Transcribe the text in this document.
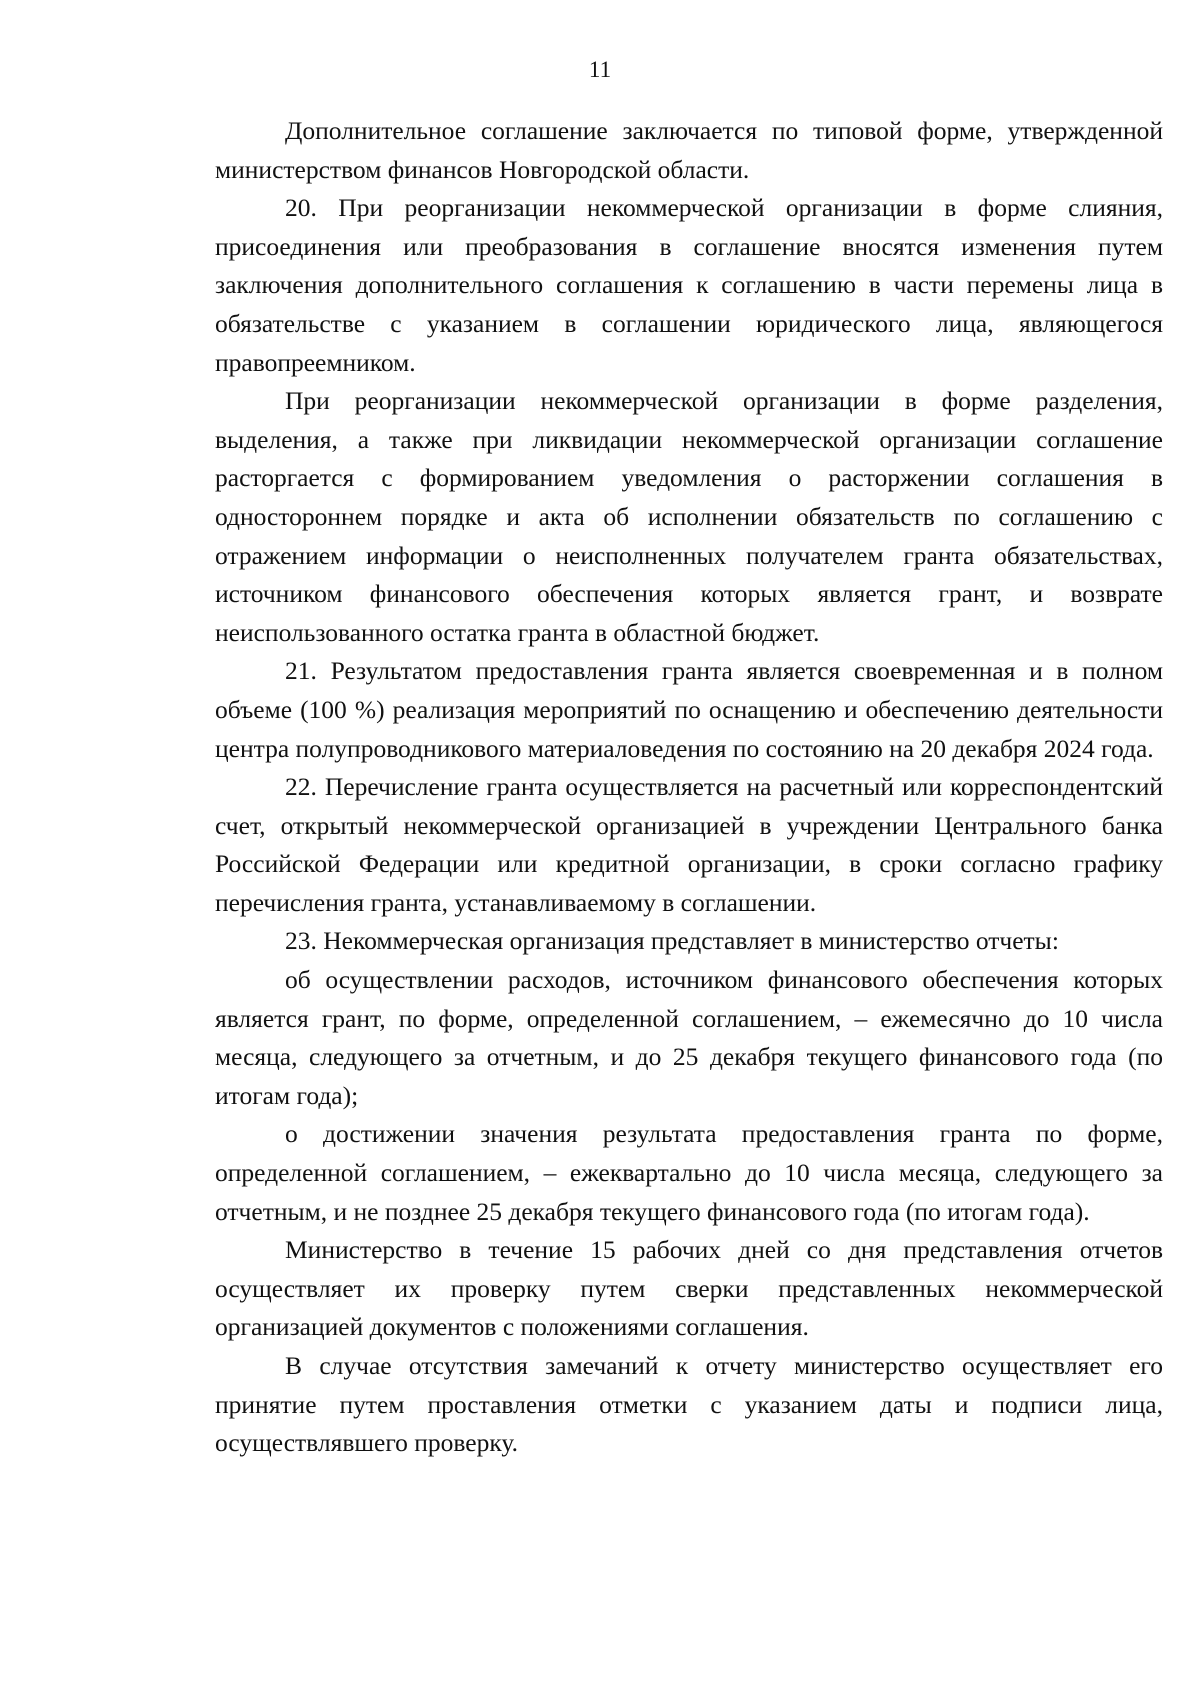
11

Дополнительное соглашение заключается по типовой форме, утвержденной министерством финансов Новгородской области.

20. При реорганизации некоммерческой организации в форме слияния, присоединения или преобразования в соглашение вносятся изменения путем заключения дополнительного соглашения к соглашению в части перемены лица в обязательстве с указанием в соглашении юридического лица, являющегося правопреемником.

При реорганизации некоммерческой организации в форме разделения, выделения, а также при ликвидации некоммерческой организации соглашение расторгается с формированием уведомления о расторжении соглашения в одностороннем порядке и акта об исполнении обязательств по соглашению с отражением информации о неисполненных получателем гранта обязательствах, источником финансового обеспечения которых является грант, и возврате неиспользованного остатка гранта в областной бюджет.

21. Результатом предоставления гранта является своевременная и в полном объеме (100 %) реализация мероприятий по оснащению и обеспечению деятельности центра полупроводникового материаловедения по состоянию на 20 декабря 2024 года.

22. Перечисление гранта осуществляется на расчетный или корреспондентский счет, открытый некоммерческой организацией в учреждении Центрального банка Российской Федерации или кредитной организации, в сроки согласно графику перечисления гранта, устанавливаемому в соглашении.

23. Некоммерческая организация представляет в министерство отчеты:

об осуществлении расходов, источником финансового обеспечения которых является грант, по форме, определенной соглашением, – ежемесячно до 10 числа месяца, следующего за отчетным, и до 25 декабря текущего финансового года (по итогам года);

о достижении значения результата предоставления гранта по форме, определенной соглашением, – ежеквартально до 10 числа месяца, следующего за отчетным, и не позднее 25 декабря текущего финансового года (по итогам года).

Министерство в течение 15 рабочих дней со дня представления отчетов осуществляет их проверку путем сверки представленных некоммерческой организацией документов с положениями соглашения.

В случае отсутствия замечаний к отчету министерство осуществляет его принятие путем проставления отметки с указанием даты и подписи лица, осуществлявшего проверку.
